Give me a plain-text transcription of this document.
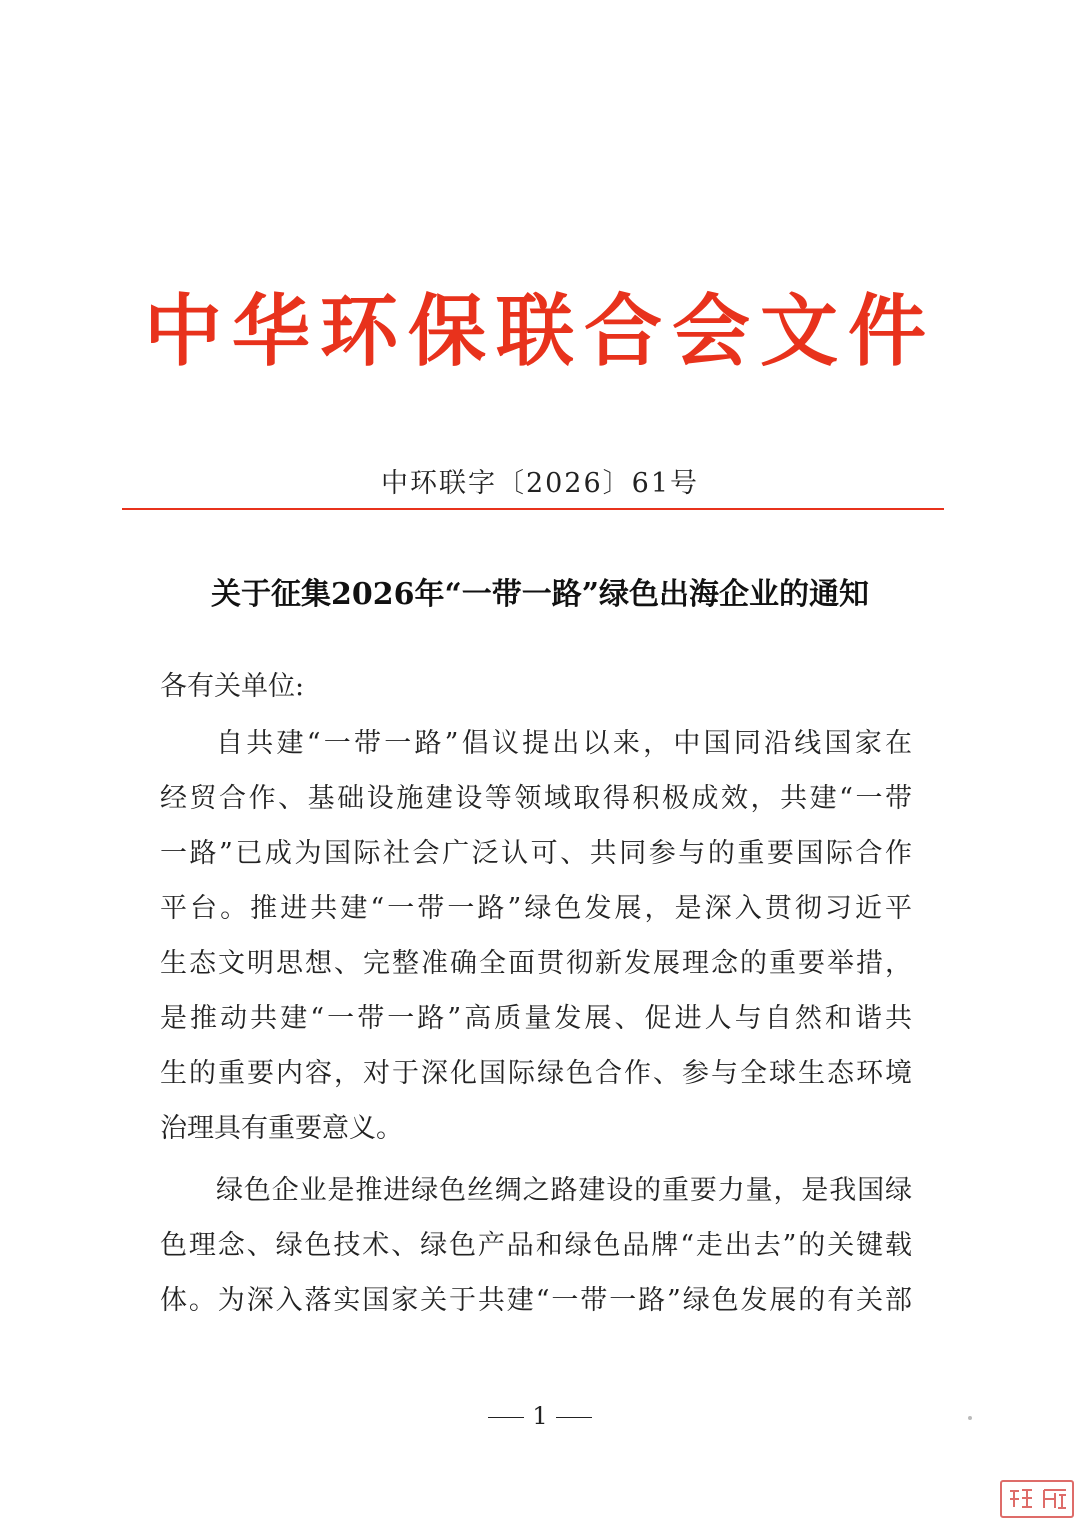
中华环保联合会文件
中环联字〔2026〕61号
关于征集2026年“一带一路”绿色出海企业的通知
各有关单位:
自共建“一带一路”倡议提出以来，中国同沿线国家在
经贸合作、基础设施建设等领域取得积极成效，共建“一带
一路”已成为国际社会广泛认可、共同参与的重要国际合作
平台。推进共建“一带一路”绿色发展，是深入贯彻习近平
生态文明思想、完整准确全面贯彻新发展理念的重要举措，
是推动共建“一带一路”高质量发展、促进人与自然和谐共
生的重要内容，对于深化国际绿色合作、参与全球生态环境
治理具有重要意义。
绿色企业是推进绿色丝绸之路建设的重要力量，是我国绿
色理念、绿色技术、绿色产品和绿色品牌“走出去”的关键载
体。为深入落实国家关于共建“一带一路”绿色发展的有关部
1
